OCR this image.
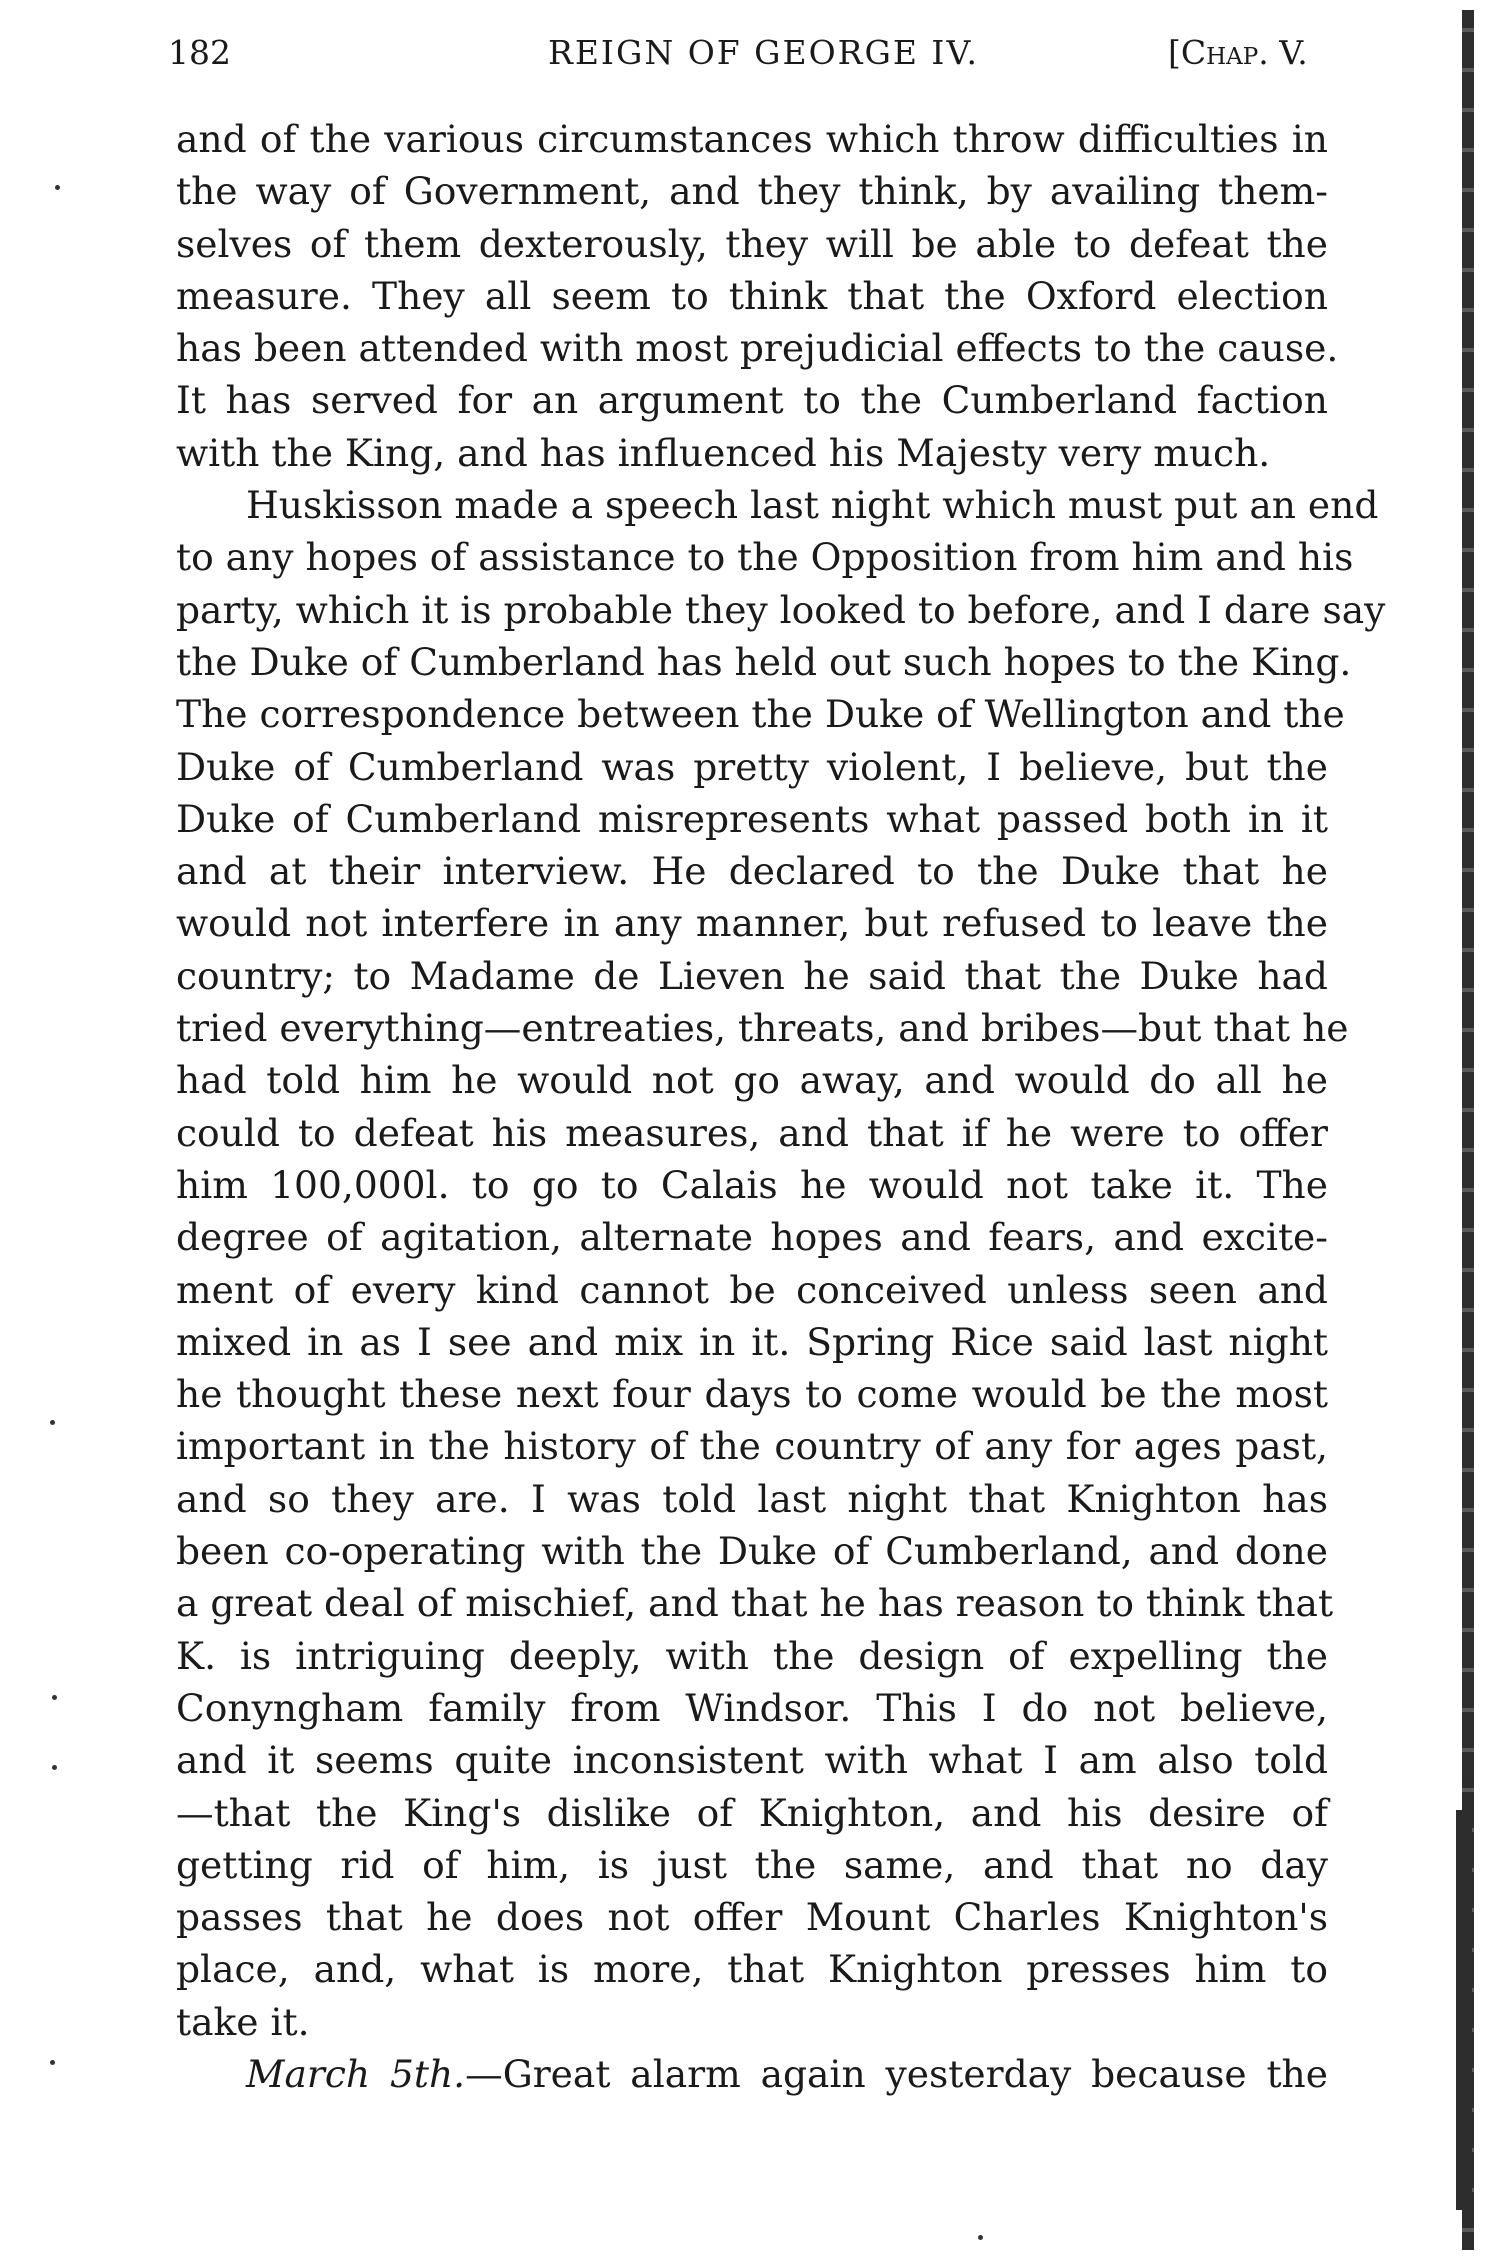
182	REIGN OF GEORGE IV.	[Chap. V.
and of the various circumstances which throw difficulties in
the way of Government, and they think, by availing them-
selves of them dexterously, they will be able to defeat the
measure. They all seem to think that the Oxford election
has been attended with most prejudicial effects to the cause.
It has served for an argument to the Cumberland faction
with the King, and has influenced his Majesty very much.
Huskisson made a speech last night which must put an end
to any hopes of assistance to the Opposition from him and his
party, which it is probable they looked to before, and I dare say
the Duke of Cumberland has held out such hopes to the King.
The correspondence between the Duke of Wellington and the
Duke of Cumberland was pretty violent, I believe, but the
Duke of Cumberland misrepresents what passed both in it
and at their interview. He declared to the Duke that he
would not interfere in any manner, but refused to leave the
country; to Madame de Lieven he said that the Duke had
tried everything—entreaties, threats, and bribes—but that he
had told him he would not go away, and would do all he
could to defeat his measures, and that if he were to offer
him 100,000l. to go to Calais he would not take it. The
degree of agitation, alternate hopes and fears, and excite-
ment of every kind cannot be conceived unless seen and
mixed in as I see and mix in it. Spring Rice said last night
he thought these next four days to come would be the most
important in the history of the country of any for ages past,
and so they are. I was told last night that Knighton has
been co-operating with the Duke of Cumberland, and done
a great deal of mischief, and that he has reason to think that
K. is intriguing deeply, with the design of expelling the
Conyngham family from Windsor. This I do not believe,
and it seems quite inconsistent with what I am also told
—that the King's dislike of Knighton, and his desire of
getting rid of him, is just the same, and that no day
passes that he does not offer Mount Charles Knighton's
place, and, what is more, that Knighton presses him to
take it.
March 5th.—Great alarm again yesterday because the
